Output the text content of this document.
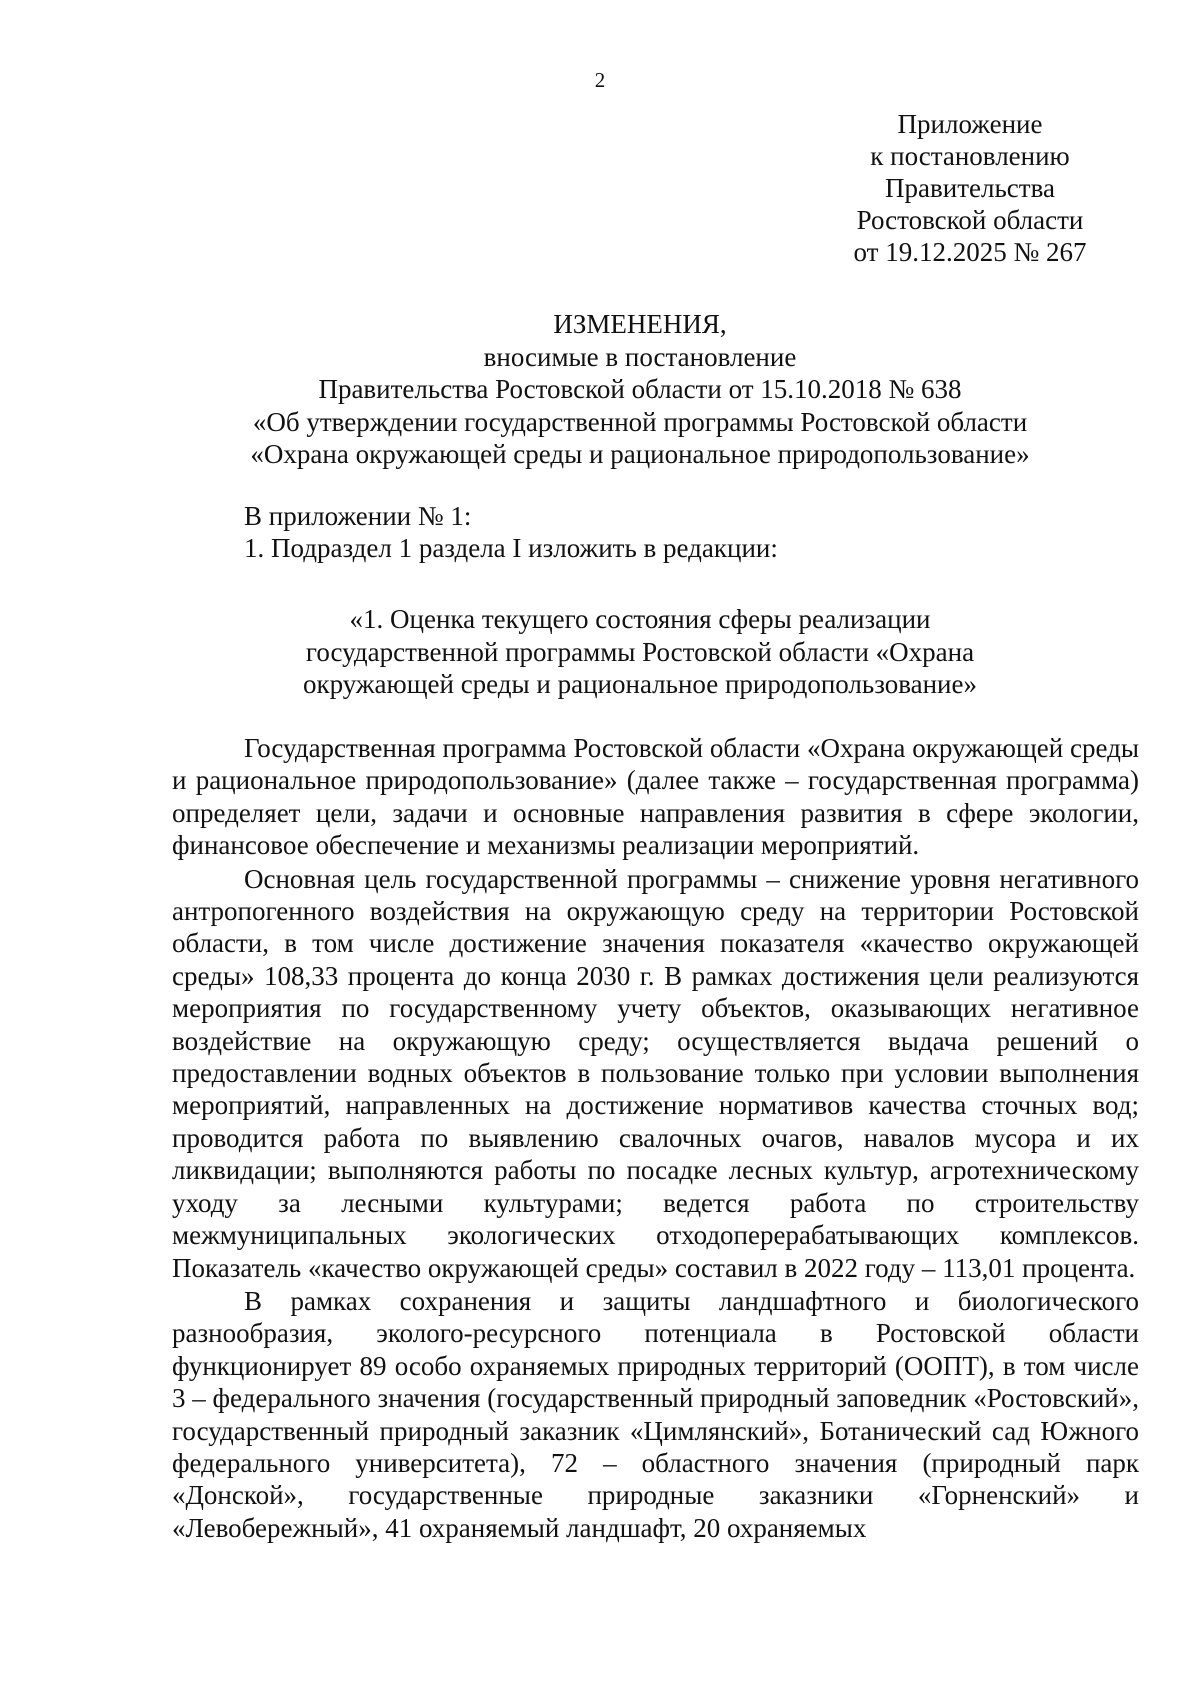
2
Приложение
к постановлению
Правительства
Ростовской области
от 19.12.2025 № 267
ИЗМЕНЕНИЯ,
вносимые в постановление
Правительства Ростовской области от 15.10.2018 № 638
«Об утверждении государственной программы Ростовской области
«Охрана окружающей среды и рациональное природопользование»
В приложении № 1:
1. Подраздел 1 раздела I изложить в редакции:
«1. Оценка текущего состояния сферы реализации
государственной программы Ростовской области «Охрана
окружающей среды и рациональное природопользование»

Государственная программа Ростовской области «Охрана окружающей среды и рациональное природопользование» (далее также – государственная программа) определяет цели, задачи и основные направления развития в сфере экологии, финансовое обеспечение и механизмы реализации мероприятий.

Основная цель государственной программы – снижение уровня негативного антропогенного воздействия на окружающую среду на территории Ростовской области, в том числе достижение значения показателя «качество окружающей среды» 108,33 процента до конца 2030 г. В рамках достижения цели реализуются мероприятия по государственному учету объектов, оказывающих негативное воздействие на окружающую среду; осуществляется выдача решений о предоставлении водных объектов в пользование только при условии выполнения мероприятий, направленных на достижение нормативов качества сточных вод; проводится работа по выявлению свалочных очагов, навалов мусора и их ликвидации; выполняются работы по посадке лесных культур, агротехническому уходу за лесными культурами; ведется работа по строительству межмуниципальных экологических отходоперерабатывающих комплексов. Показатель «качество окружающей среды» составил в 2022 году – 113,01 процента.

В рамках сохранения и защиты ландшафтного и биологического разнообразия, эколого-ресурсного потенциала в Ростовской области функционирует 89 особо охраняемых природных территорий (ООПТ), в том числе 3 – федерального значения (государственный природный заповедник «Ростовский», государственный природный заказник «Цимлянский», Ботанический сад Южного федерального университета), 72 – областного значения (природный парк «Донской», государственные природные заказники «Горненский» и «Левобережный», 41 охраняемый ландшафт, 20 охраняемых
